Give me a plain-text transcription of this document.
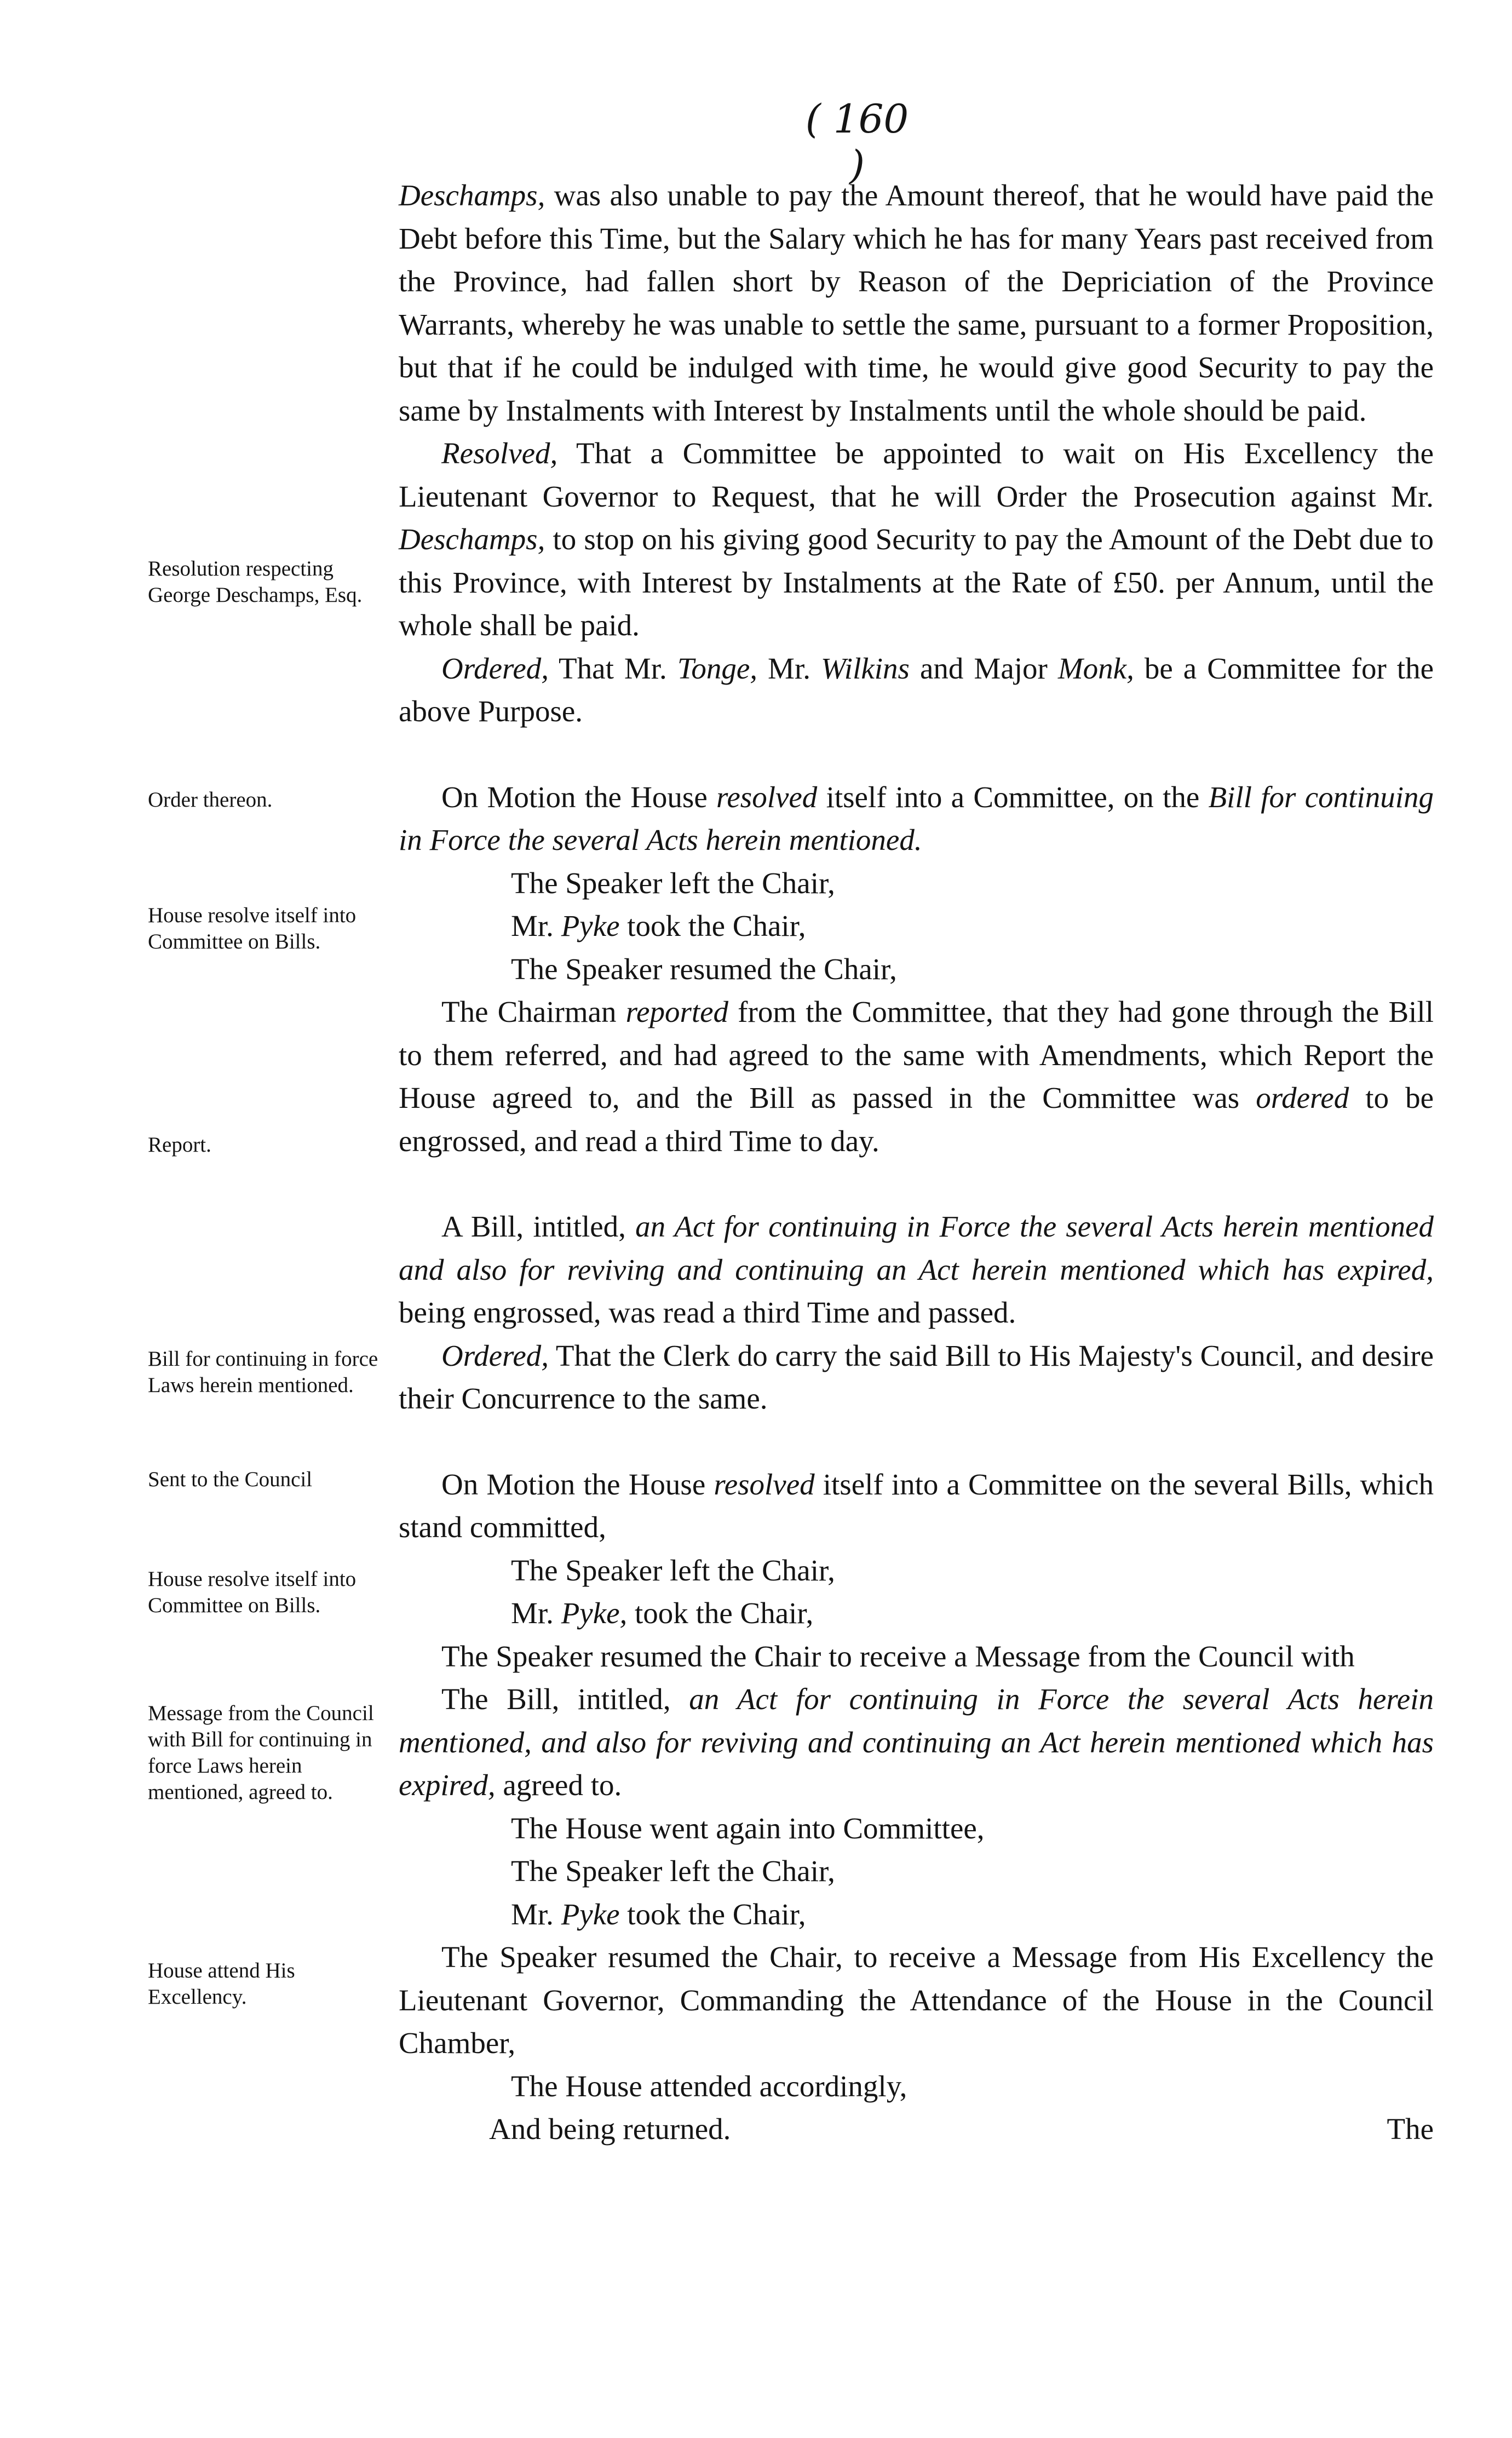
( 160 )
Resolution respecting George Deschamps, Esq.
Order thereon.
House resolve itself into Committee on Bills.
Report.
Bill for continuing in force Laws herein mentioned.
Sent to the Council
House resolve itself into Committee on Bills.
Message from the Council with Bill for continuing in force Laws herein mentioned, agreed to.
House attend His Excellency.

Deschamps, was also unable to pay the Amount thereof, that he would have paid the Debt before this Time, but the Salary which he has for many Years past received from the Province, had fallen short by Reason of the Depriciation of the Province Warrants, whereby he was unable to settle the same, pursuant to a former Proposition, but that if he could be indulged with time, he would give good Security to pay the same by Instalments with Interest by Instalments until the whole should be paid.

Resolved, That a Committee be appointed to wait on His Excellency the Lieutenant Governor to Request, that he will Order the Prosecution against Mr. Deschamps, to stop on his giving good Security to pay the Amount of the Debt due to this Province, with Interest by Instalments at the Rate of £50. per Annum, until the whole shall be paid.

Ordered, That Mr. Tonge, Mr. Wilkins and Major Monk, be a Committee for the above Purpose.

On Motion the House resolved itself into a Committee, on the Bill for continuing in Force the several Acts herein mentioned.

The Speaker left the Chair,

Mr. Pyke took the Chair,

The Speaker resumed the Chair,

The Chairman reported from the Committee, that they had gone through the Bill to them referred, and had agreed to the same with Amendments, which Report the House agreed to, and the Bill as passed in the Committee was ordered to be engrossed, and read a third Time to day.

A Bill, intitled, an Act for continuing in Force the several Acts herein mentioned and also for reviving and continuing an Act herein mentioned which has expired, being engrossed, was read a third Time and passed.

Ordered, That the Clerk do carry the said Bill to His Majesty's Council, and desire their Concurrence to the same.

On Motion the House resolved itself into a Committee on the several Bills, which stand committed,

The Speaker left the Chair,

Mr. Pyke, took the Chair,

The Speaker resumed the Chair to receive a Message from the Council with

The Bill, intitled, an Act for continuing in Force the several Acts herein mentioned, and also for reviving and continuing an Act herein mentioned which has expired, agreed to.

The House went again into Committee,

The Speaker left the Chair,

Mr. Pyke took the Chair,

The Speaker resumed the Chair, to receive a Message from His Excellency the Lieutenant Governor, Commanding the Attendance of the House in the Council Chamber,

The House attended accordingly,

And being returned.	The
